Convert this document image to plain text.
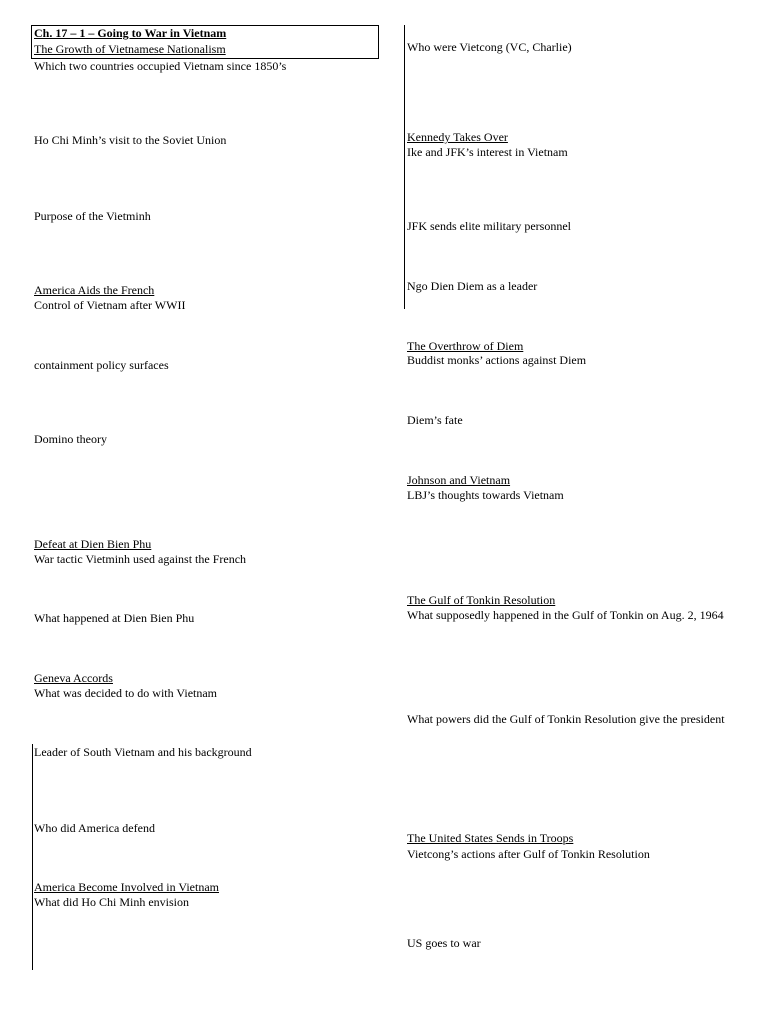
Ch. 17 – 1 – Going to War in Vietnam
The Growth of Vietnamese Nationalism
Which two countries occupied Vietnam since 1850’s
Ho Chi Minh’s visit to the Soviet Union
Purpose of the Vietminh
America Aids the French
Control of Vietnam after WWII
containment policy surfaces
Domino theory
Defeat at Dien Bien Phu
War tactic Vietminh used against the French
What happened at Dien Bien Phu
Geneva Accords
What was decided to do with Vietnam
Leader of South Vietnam and his background
Who did America defend
America Become Involved in Vietnam
What did Ho Chi Minh envision
Who were Vietcong (VC, Charlie)
Kennedy Takes Over
Ike and JFK’s interest in Vietnam
JFK sends elite military personnel
Ngo Dien Diem as a leader
The Overthrow of Diem
Buddist monks’ actions against Diem
Diem’s fate
Johnson and Vietnam
LBJ’s thoughts towards Vietnam
The Gulf of Tonkin Resolution
What supposedly happened in the Gulf of Tonkin on Aug. 2, 1964
What powers did the Gulf of Tonkin Resolution give the president
The United States Sends in Troops
Vietcong’s actions after Gulf of Tonkin Resolution
US goes to war
